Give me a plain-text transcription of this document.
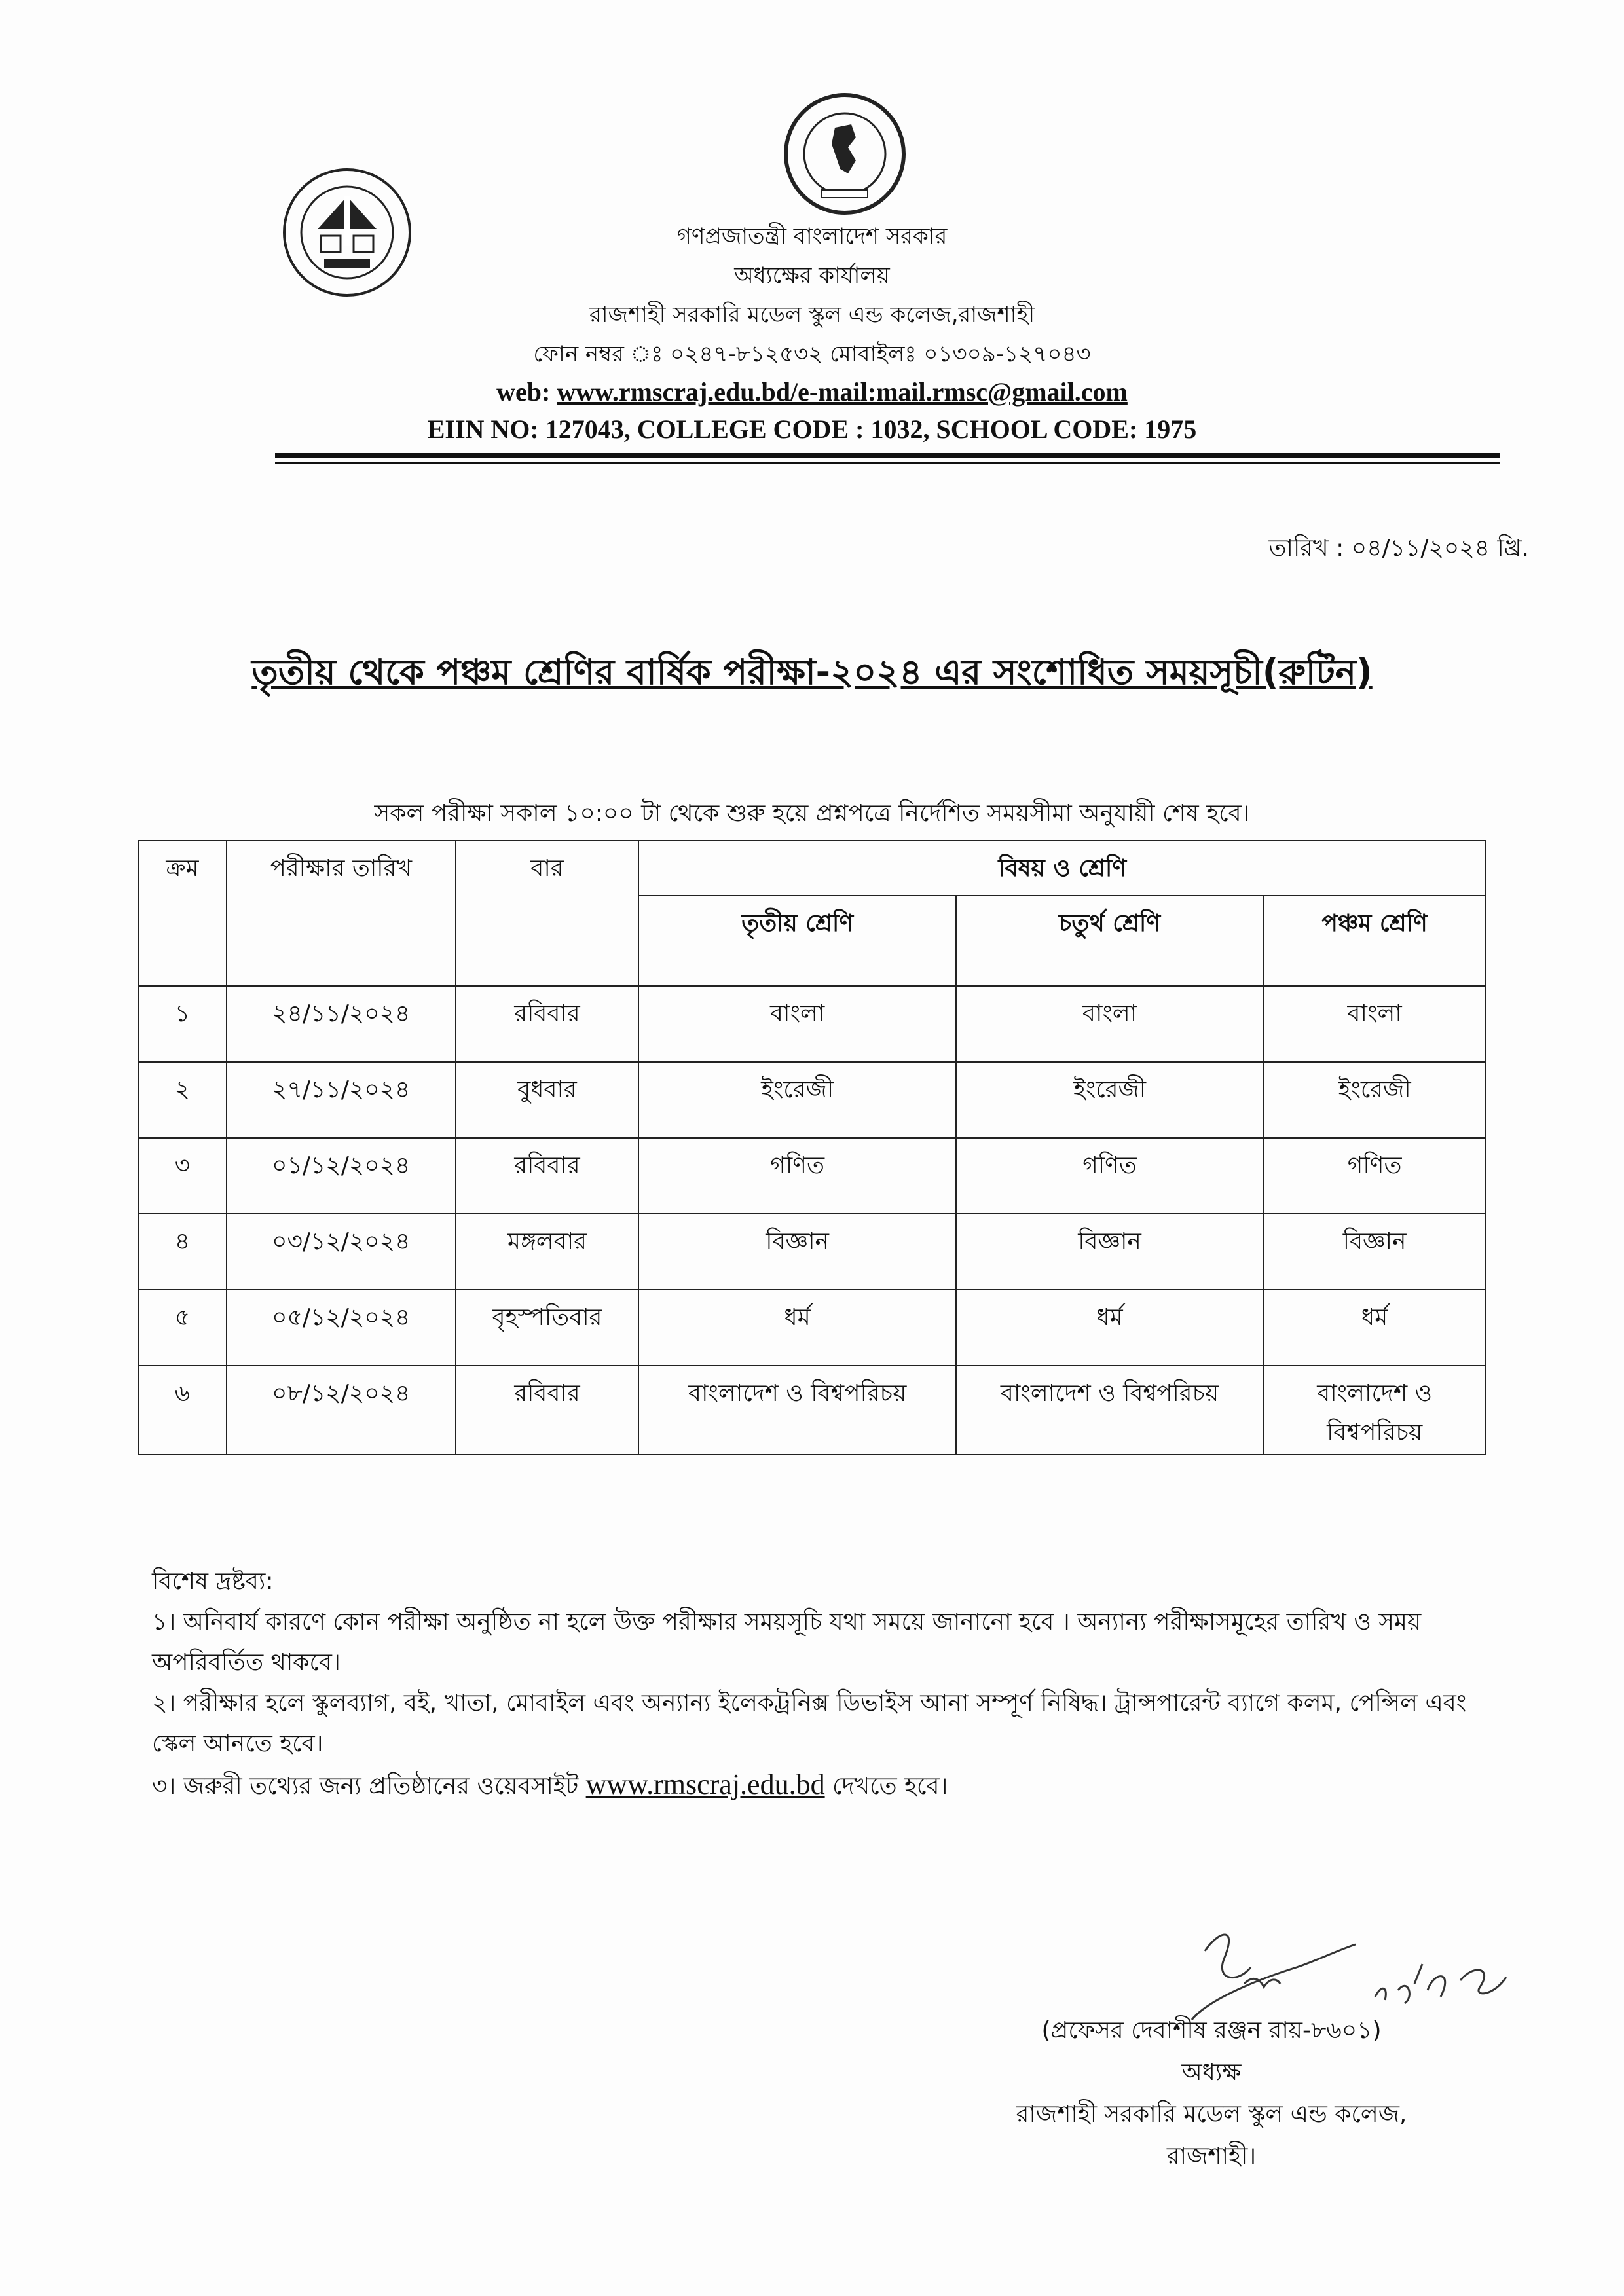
গণপ্রজাতন্ত্রী বাংলাদেশ সরকার
অধ্যক্ষের কার্যালয়
রাজশাহী সরকারি মডেল স্কুল এন্ড কলেজ,রাজশাহী
ফোন নম্বর ঃ ০২৪৭-৮১২৫৩২ মোবাইলঃ ০১৩০৯-১২৭০৪৩
web: www.rmscraj.edu.bd/e-mail:mail.rmsc@gmail.com
EIIN NO: 127043, COLLEGE CODE : 1032, SCHOOL CODE: 1975
তারিখ : ০৪/১১/২০২৪ খ্রি.
তৃতীয় থেকে পঞ্চম শ্রেণির বার্ষিক পরীক্ষা-২০২৪ এর সংশোধিত সময়সূচী(রুটিন)
সকল পরীক্ষা সকাল ১০:০০ টা থেকে শুরু হয়ে প্রশ্নপত্রে নির্দেশিত সময়সীমা অনুযায়ী শেষ হবে।
ক্রম	পরীক্ষার তারিখ	বার	বিষয় ও শ্রেণি		
			তৃতীয় শ্রেণি	চতুর্থ শ্রেণি	পঞ্চম শ্রেণি
১	২৪/১১/২০২৪	রবিবার	বাংলা	বাংলা	বাংলা
২	২৭/১১/২০২৪	বুধবার	ইংরেজী	ইংরেজী	ইংরেজী
৩	০১/১২/২০২৪	রবিবার	গণিত	গণিত	গণিত
৪	০৩/১২/২০২৪	মঙ্গলবার	বিজ্ঞান	বিজ্ঞান	বিজ্ঞান
৫	০৫/১২/২০২৪	বৃহস্পতিবার	ধর্ম	ধর্ম	ধর্ম
৬	০৮/১২/২০২৪	রবিবার	বাংলাদেশ ও বিশ্বপরিচয়	বাংলাদেশ ও বিশ্বপরিচয়	বাংলাদেশ ও বিশ্বপরিচয়
বিশেষ দ্রষ্টব্য:
১। অনিবার্য কারণে কোন পরীক্ষা অনুষ্ঠিত না হলে উক্ত পরীক্ষার সময়সূচি যথা সময়ে জানানো হবে । অন্যান্য পরীক্ষাসমূহের তারিখ ও সময় অপরিবর্তিত থাকবে।
২। পরীক্ষার হলে স্কুলব্যাগ, বই, খাতা, মোবাইল এবং অন্যান্য ইলেকট্রনিক্স ডিভাইস আনা সম্পূর্ণ নিষিদ্ধ। ট্রান্সপারেন্ট ব্যাগে কলম, পেন্সিল এবং স্কেল আনতে হবে।
৩। জরুরী তথ্যের জন্য প্রতিষ্ঠানের ওয়েবসাইট www.rmscraj.edu.bd দেখতে হবে।
(প্রফেসর দেবাশীষ রঞ্জন রায়-৮৬০১)
অধ্যক্ষ
রাজশাহী সরকারি মডেল স্কুল এন্ড কলেজ,
রাজশাহী।
